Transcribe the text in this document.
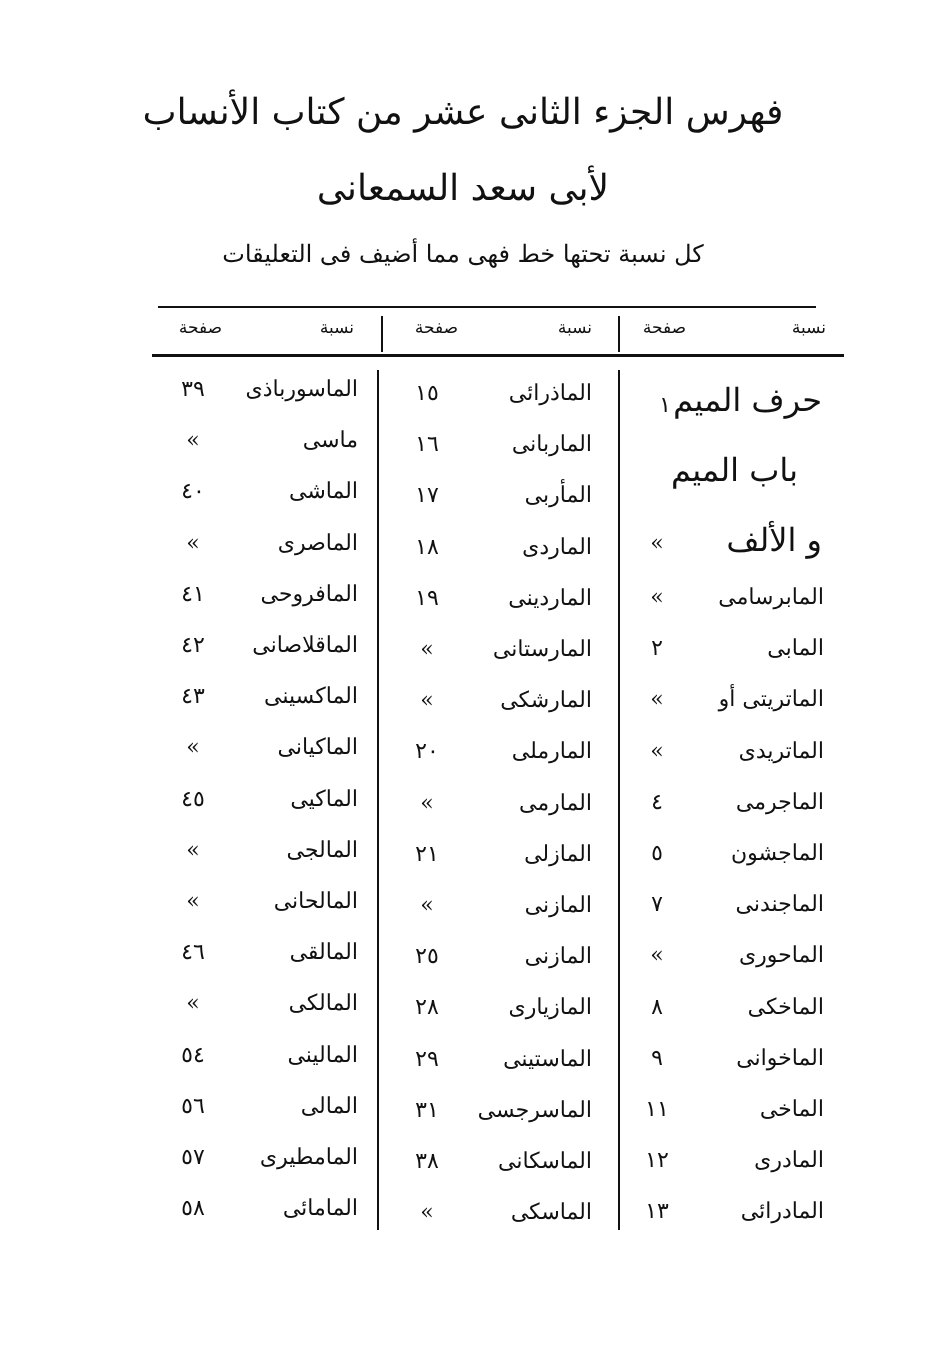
فهرس الجزء الثانى عشر من كتاب الأنساب
لأبى سعد السمعانى
كل نسبة تحتها خط فهى مما أضيف فى التعليقات
نسبة
صفحة
نسبة
صفحة
نسبة
صفحة
حرف الميم
١
باب الميم
و الألف
»
المابرسامى
»
المابى
٢
الماتريتى أو
»
الماتريدى
»
الماجرمى
٤
الماجشون
٥
الماجندنى
٧
الماحورى
»
الماخكى
٨
الماخوانى
٩
الماخى
١١
المادرى
١٢
المادرائى
١٣
الماذرائى
١٥
الماربانى
١٦
المأربى
١٧
الماردى
١٨
الماردينى
١٩
المارستانى
»
المارشكى
»
المارملى
٢٠
المارمى
»
المازلى
٢١
المازنى
»
المازنى
٢٥
المازيارى
٢٨
الماستينى
٢٩
الماسرجسى
٣١
الماسكانى
٣٨
الماسكى
»
الماسورباذى
٣٩
ماسى
»
الماشى
٤٠
الماصرى
»
المافروحى
٤١
الماقلاصانى
٤٢
الماكسينى
٤٣
الماكيانى
»
الماكيى
٤٥
المالجى
»
المالحانى
»
المالقى
٤٦
المالكى
»
المالينى
٥٤
المالى
٥٦
المامطيرى
٥٧
المامائى
٥٨
